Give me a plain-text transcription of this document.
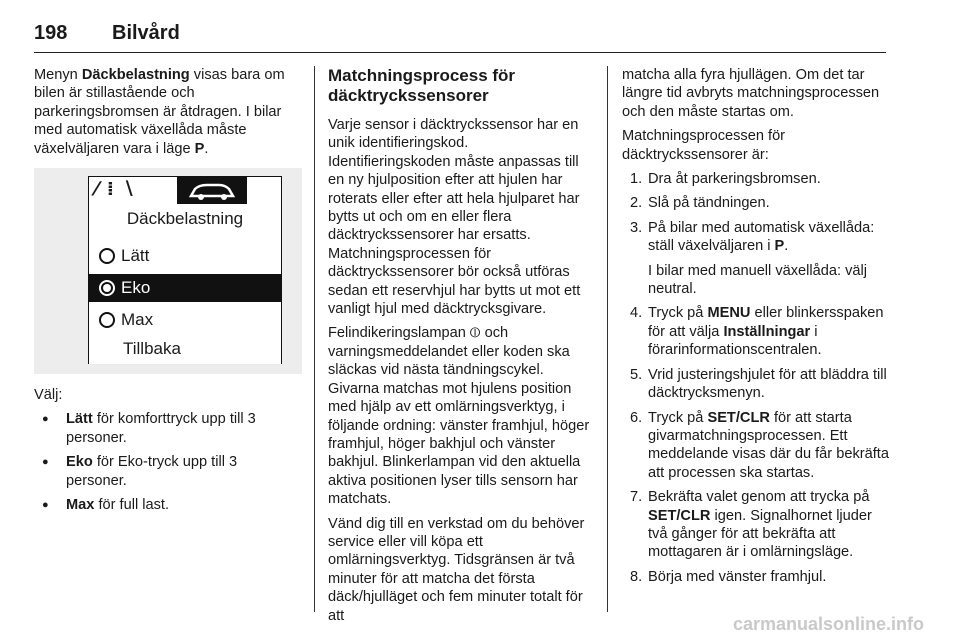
198 Bilvård

Menyn Däckbelastning visas bara om bilen är stillastående och parkeringsbromsen är åtdragen. I bilar med automatisk växellåda måste växelväljaren vara i läge P.

⁄ ⁞ ∖
Däckbelastning
Lätt
Eko
Max
Tillbaka

Välj:

● Lätt för komforttryck upp till 3 personer.
● Eko för Eko-tryck upp till 3 personer.
● Max för full last.
Matchningsprocess för däcktryckssensorer

Varje sensor i däcktryckssensor har en unik identifieringskod. Identifieringskoden måste anpassas till en ny hjulposition efter att hjulen har roterats eller efter att hela hjulparet har bytts ut och om en eller flera däcktryckssensorer har ersatts. Matchningsprocessen för däcktryckssensorer bör också utföras sedan ett reservhjul har bytts ut mot ett vanligt hjul med däcktrycksgivare.

Felindikeringslampan ⦶ och varningsmeddelandet eller koden ska släckas vid nästa tändningscykel. Givarna matchas mot hjulens position med hjälp av ett omlärningsverktyg, i följande ordning: vänster framhjul, höger framhjul, höger bakhjul och vänster bakhjul. Blinkerlampan vid den aktuella aktiva positionen lyser tills sensorn har matchats.

Vänd dig till en verkstad om du behöver service eller vill köpa ett omlärningsverktyg. Tidsgränsen är två minuter för att matcha det första däck/hjulläget och fem minuter totalt för att

matcha alla fyra hjullägen. Om det tar längre tid avbryts matchningsprocessen och den måste startas om.

Matchningsprocessen för däcktryckssensorer är:

1. Dra åt parkeringsbromsen.
2. Slå på tändningen.
3. På bilar med automatisk växellåda: ställ växelväljaren i P.
I bilar med manuell växellåda: välj neutral.
4. Tryck på MENU eller blinkersspaken för att välja Inställningar i förarinformationscentralen.
5. Vrid justeringshjulet för att bläddra till däcktrycksmenyn.
6. Tryck på SET/CLR för att starta givarmatchningsprocessen. Ett meddelande visas där du får bekräfta att processen ska startas.
7. Bekräfta valet genom att trycka på SET/CLR igen. Signalhornet ljuder två gånger för att bekräfta att mottagaren är i omlärningsläge.
8. Börja med vänster framhjul.
carmanualsonline.info
